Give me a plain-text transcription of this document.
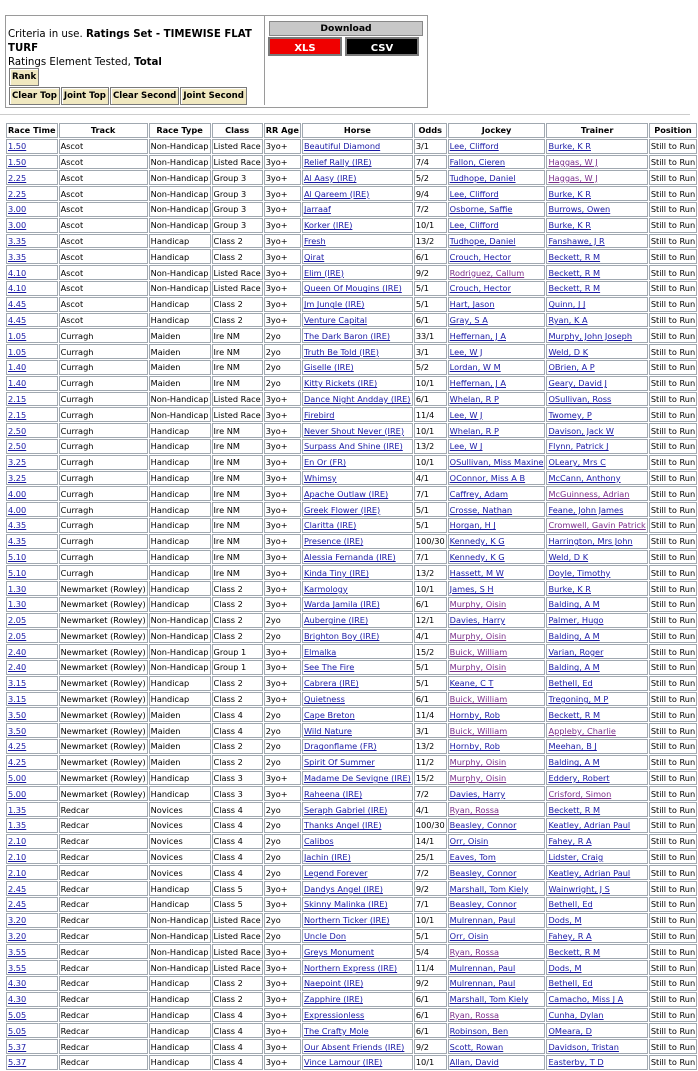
Criteria in use. Ratings Set - TIMEWISE FLAT TURF
Ratings Element Tested, Total
Rank
Clear Top Joint Top Clear Second Joint Second
Download
XLS	CSV
Race Time	Track	Race Type	Class	RR Age	Horse	Odds	Jockey	Trainer	Position
1.50	Ascot	Non-Handicap	Listed Race	3yo+	Beautiful Diamond	3/1	Lee, Clifford	Burke, K R	Still to Run
1.50	Ascot	Non-Handicap	Listed Race	3yo+	Relief Rally (IRE)	7/4	Fallon, Cieren	Haggas, W J	Still to Run
2.25	Ascot	Non-Handicap	Group 3	3yo+	Al Aasy (IRE)	5/2	Tudhope, Daniel	Haggas, W J	Still to Run
2.25	Ascot	Non-Handicap	Group 3	3yo+	Al Qareem (IRE)	9/4	Lee, Clifford	Burke, K R	Still to Run
3.00	Ascot	Non-Handicap	Group 3	3yo+	Jarraaf	7/2	Osborne, Saffie	Burrows, Owen	Still to Run
3.00	Ascot	Non-Handicap	Group 3	3yo+	Korker (IRE)	10/1	Lee, Clifford	Burke, K R	Still to Run
3.35	Ascot	Handicap	Class 2	3yo+	Fresh	13/2	Tudhope, Daniel	Fanshawe, J R	Still to Run
3.35	Ascot	Handicap	Class 2	3yo+	Qirat	6/1	Crouch, Hector	Beckett, R M	Still to Run
4.10	Ascot	Non-Handicap	Listed Race	3yo+	Elim (IRE)	9/2	Rodriguez, Callum	Beckett, R M	Still to Run
4.10	Ascot	Non-Handicap	Listed Race	3yo+	Queen Of Mougins (IRE)	5/1	Crouch, Hector	Beckett, R M	Still to Run
4.45	Ascot	Handicap	Class 2	3yo+	Jm Jungle (IRE)	5/1	Hart, Jason	Quinn, J J	Still to Run
4.45	Ascot	Handicap	Class 2	3yo+	Venture Capital	6/1	Gray, S A	Ryan, K A	Still to Run
1.05	Curragh	Maiden	Ire NM	2yo	The Dark Baron (IRE)	33/1	Heffernan, J A	Murphy, John Joseph	Still to Run
1.05	Curragh	Maiden	Ire NM	2yo	Truth Be Told (IRE)	3/1	Lee, W J	Weld, D K	Still to Run
1.40	Curragh	Maiden	Ire NM	2yo	Giselle (IRE)	5/2	Lordan, W M	OBrien, A P	Still to Run
1.40	Curragh	Maiden	Ire NM	2yo	Kitty Rickets (IRE)	10/1	Heffernan, J A	Geary, David J	Still to Run
2.15	Curragh	Non-Handicap	Listed Race	3yo+	Dance Night Andday (IRE)	6/1	Whelan, R P	OSullivan, Ross	Still to Run
2.15	Curragh	Non-Handicap	Listed Race	3yo+	Firebird	11/4	Lee, W J	Twomey, P	Still to Run
2.50	Curragh	Handicap	Ire NM	3yo+	Never Shout Never (IRE)	10/1	Whelan, R P	Davison, Jack W	Still to Run
2.50	Curragh	Handicap	Ire NM	3yo+	Surpass And Shine (IRE)	13/2	Lee, W J	Flynn, Patrick J	Still to Run
3.25	Curragh	Handicap	Ire NM	3yo+	En Or (FR)	10/1	OSullivan, Miss Maxine	OLeary, Mrs C	Still to Run
3.25	Curragh	Handicap	Ire NM	3yo+	Whimsy	4/1	OConnor, Miss A B	McCann, Anthony	Still to Run
4.00	Curragh	Handicap	Ire NM	3yo+	Apache Outlaw (IRE)	7/1	Caffrey, Adam	McGuinness, Adrian	Still to Run
4.00	Curragh	Handicap	Ire NM	3yo+	Greek Flower (IRE)	5/1	Crosse, Nathan	Feane, John James	Still to Run
4.35	Curragh	Handicap	Ire NM	3yo+	Claritta (IRE)	5/1	Horgan, H J	Cromwell, Gavin Patrick	Still to Run
4.35	Curragh	Handicap	Ire NM	3yo+	Presence (IRE)	100/30	Kennedy, K G	Harrington, Mrs John	Still to Run
5.10	Curragh	Handicap	Ire NM	3yo+	Alessia Fernanda (IRE)	7/1	Kennedy, K G	Weld, D K	Still to Run
5.10	Curragh	Handicap	Ire NM	3yo+	Kinda Tiny (IRE)	13/2	Hassett, M W	Doyle, Timothy	Still to Run
1.30	Newmarket (Rowley)	Handicap	Class 2	3yo+	Karmology	10/1	James, S H	Burke, K R	Still to Run
1.30	Newmarket (Rowley)	Handicap	Class 2	3yo+	Warda Jamila (IRE)	6/1	Murphy, Oisin	Balding, A M	Still to Run
2.05	Newmarket (Rowley)	Non-Handicap	Class 2	2yo	Aubergine (IRE)	12/1	Davies, Harry	Palmer, Hugo	Still to Run
2.05	Newmarket (Rowley)	Non-Handicap	Class 2	2yo	Brighton Boy (IRE)	4/1	Murphy, Oisin	Balding, A M	Still to Run
2.40	Newmarket (Rowley)	Non-Handicap	Group 1	3yo+	Elmalka	15/2	Buick, William	Varian, Roger	Still to Run
2.40	Newmarket (Rowley)	Non-Handicap	Group 1	3yo+	See The Fire	5/1	Murphy, Oisin	Balding, A M	Still to Run
3.15	Newmarket (Rowley)	Handicap	Class 2	3yo+	Cabrera (IRE)	5/1	Keane, C T	Bethell, Ed	Still to Run
3.15	Newmarket (Rowley)	Handicap	Class 2	3yo+	Quietness	6/1	Buick, William	Tregoning, M P	Still to Run
3.50	Newmarket (Rowley)	Maiden	Class 4	2yo	Cape Breton	11/4	Hornby, Rob	Beckett, R M	Still to Run
3.50	Newmarket (Rowley)	Maiden	Class 4	2yo	Wild Nature	3/1	Buick, William	Appleby, Charlie	Still to Run
4.25	Newmarket (Rowley)	Maiden	Class 2	2yo	Dragonflame (FR)	13/2	Hornby, Rob	Meehan, B J	Still to Run
4.25	Newmarket (Rowley)	Maiden	Class 2	2yo	Spirit Of Summer	11/2	Murphy, Oisin	Balding, A M	Still to Run
5.00	Newmarket (Rowley)	Handicap	Class 3	3yo+	Madame De Sevigne (IRE)	15/2	Murphy, Oisin	Eddery, Robert	Still to Run
5.00	Newmarket (Rowley)	Handicap	Class 3	3yo+	Raheena (IRE)	7/2	Davies, Harry	Crisford, Simon	Still to Run
1.35	Redcar	Novices	Class 4	2yo	Seraph Gabriel (IRE)	4/1	Ryan, Rossa	Beckett, R M	Still to Run
1.35	Redcar	Novices	Class 4	2yo	Thanks Angel (IRE)	100/30	Beasley, Connor	Keatley, Adrian Paul	Still to Run
2.10	Redcar	Novices	Class 4	2yo	Calibos	14/1	Orr, Oisin	Fahey, R A	Still to Run
2.10	Redcar	Novices	Class 4	2yo	Jachin (IRE)	25/1	Eaves, Tom	Lidster, Craig	Still to Run
2.10	Redcar	Novices	Class 4	2yo	Legend Forever	7/2	Beasley, Connor	Keatley, Adrian Paul	Still to Run
2.45	Redcar	Handicap	Class 5	3yo+	Dandys Angel (IRE)	9/2	Marshall, Tom Kiely	Wainwright, J S	Still to Run
2.45	Redcar	Handicap	Class 5	3yo+	Skinny Malinka (IRE)	7/1	Beasley, Connor	Bethell, Ed	Still to Run
3.20	Redcar	Non-Handicap	Listed Race	2yo	Northern Ticker (IRE)	10/1	Mulrennan, Paul	Dods, M	Still to Run
3.20	Redcar	Non-Handicap	Listed Race	2yo	Uncle Don	5/1	Orr, Oisin	Fahey, R A	Still to Run
3.55	Redcar	Non-Handicap	Listed Race	3yo+	Greys Monument	5/4	Ryan, Rossa	Beckett, R M	Still to Run
3.55	Redcar	Non-Handicap	Listed Race	3yo+	Northern Express (IRE)	11/4	Mulrennan, Paul	Dods, M	Still to Run
4.30	Redcar	Handicap	Class 2	3yo+	Naepoint (IRE)	9/2	Mulrennan, Paul	Bethell, Ed	Still to Run
4.30	Redcar	Handicap	Class 2	3yo+	Zapphire (IRE)	6/1	Marshall, Tom Kiely	Camacho, Miss J A	Still to Run
5.05	Redcar	Handicap	Class 4	3yo+	Expressionless	6/1	Ryan, Rossa	Cunha, Dylan	Still to Run
5.05	Redcar	Handicap	Class 4	3yo+	The Crafty Mole	6/1	Robinson, Ben	OMeara, D	Still to Run
5.37	Redcar	Handicap	Class 4	3yo+	Our Absent Friends (IRE)	9/2	Scott, Rowan	Davidson, Tristan	Still to Run
5.37	Redcar	Handicap	Class 4	3yo+	Vince Lamour (IRE)	10/1	Allan, David	Easterby, T D	Still to Run
